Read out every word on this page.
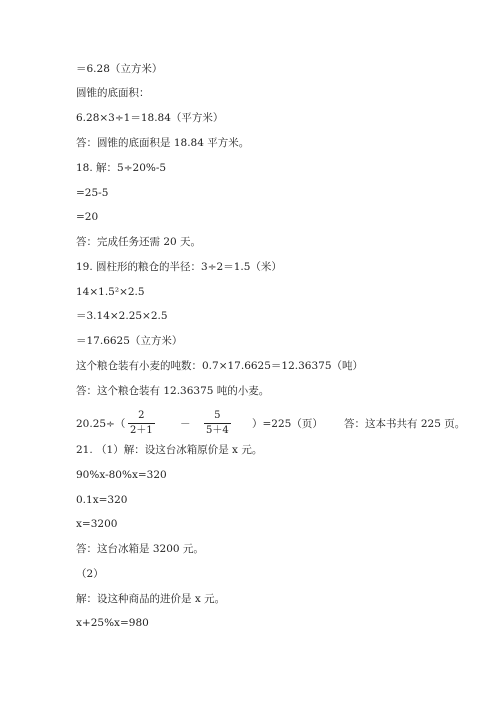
＝6.28（立方米）
圆锥的底面积：
6.28×3÷1＝18.84（平方米）
答：圆锥的底面积是 18.84 平方米。
18. 解：5÷20%-5
=25-5
=20
答：完成任务还需 20 天。
19. 圆柱形的粮仓的半径：3÷2＝1.5（米）
14×1.5²×2.5
＝3.14×2.25×2.5
＝17.6625（立方米）
这个粮仓装有小麦的吨数：0.7×17.6625＝12.36375（吨）
答：这个粮仓装有 12.36375 吨的小麦。
20.25÷（
2
2＋1
－
5
5＋4
）=225（页） 答：这本书共有 225 页。
21. （1）解：设这台冰箱原价是 x 元。
90%x-80%x=320
0.1x=320
x=3200
答：这台冰箱是 3200 元。
（2）
解：设这种商品的进价是 x 元。
x+25%x=980
